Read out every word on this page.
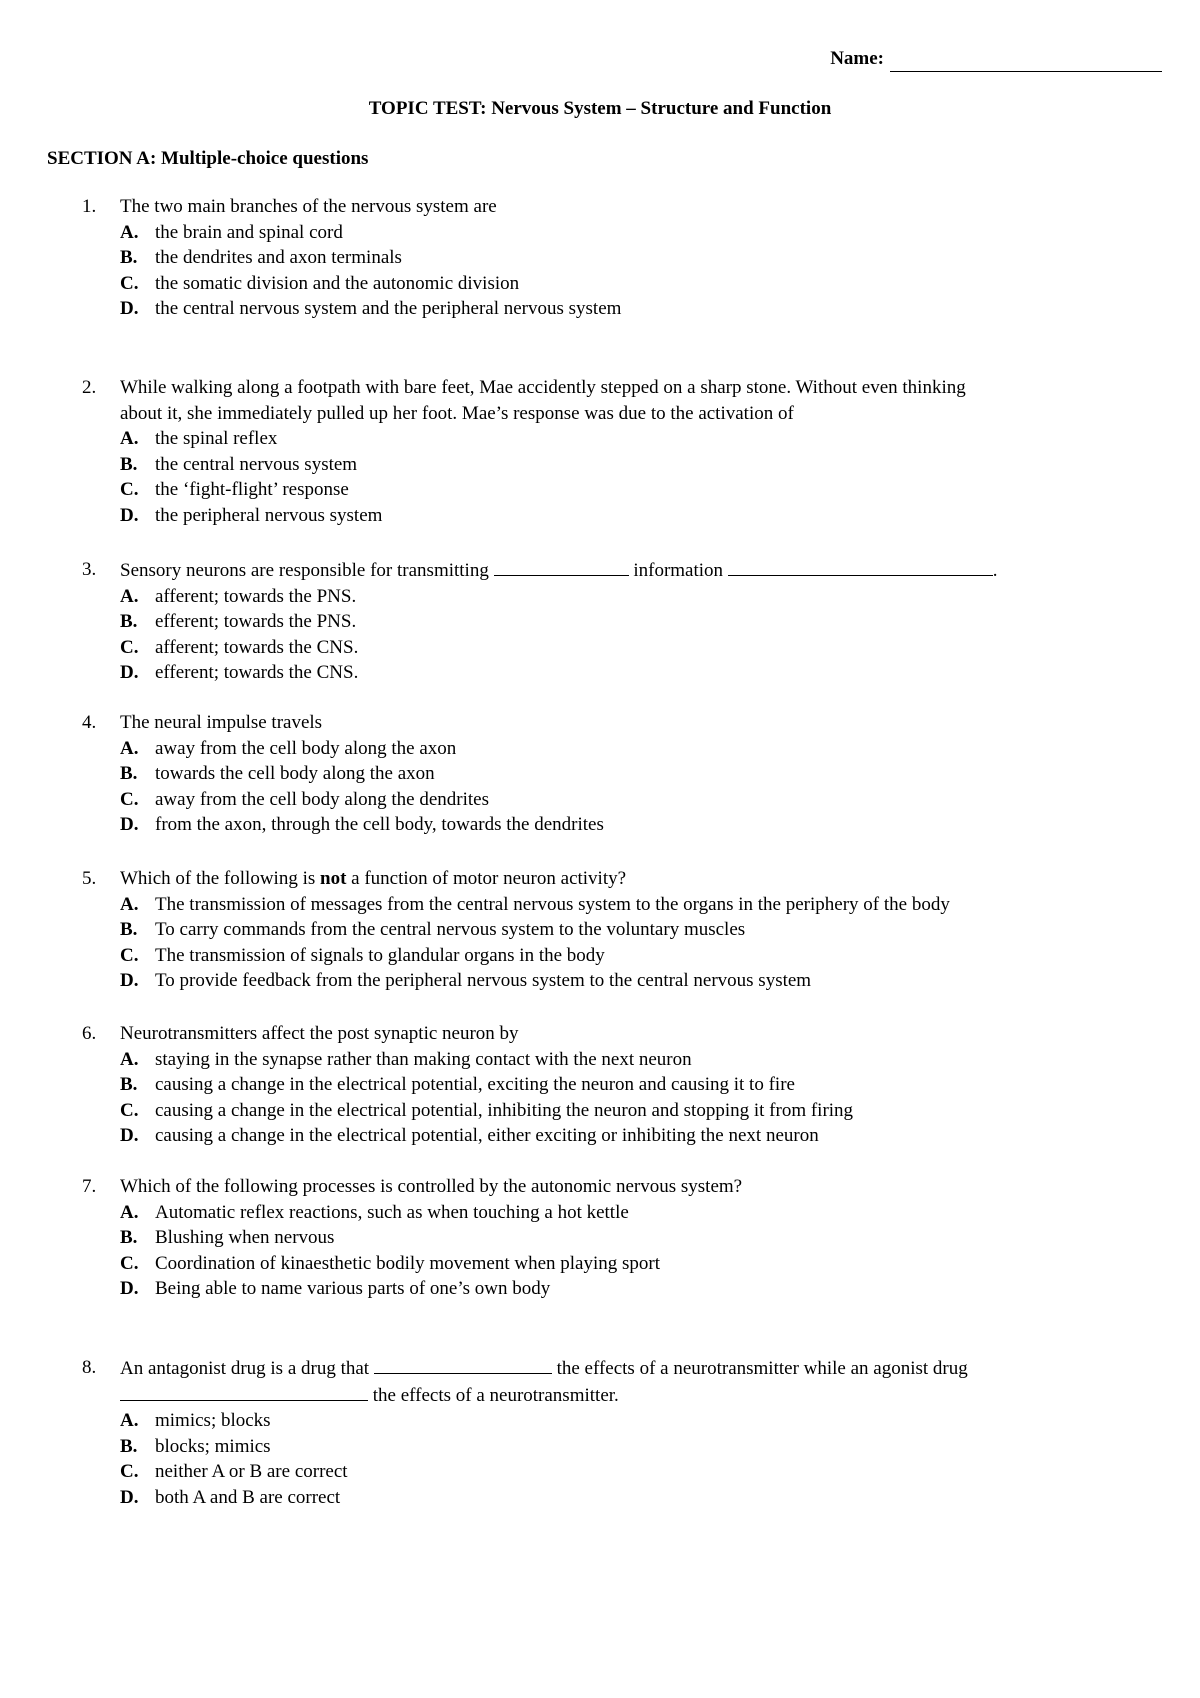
Name:
TOPIC TEST: Nervous System – Structure and Function
SECTION A: Multiple-choice questions
1.	The two main branches of the nervous system are
A. the brain and spinal cord
B. the dendrites and axon terminals
C. the somatic division and the autonomic division
D. the central nervous system and the peripheral nervous system
2.	While walking along a footpath with bare feet, Mae accidently stepped on a sharp stone. Without even thinking
about it, she immediately pulled up her foot. Mae’s response was due to the activation of
A. the spinal reflex
B. the central nervous system
C. the ‘fight-flight’ response
D. the peripheral nervous system
3.	Sensory neurons are responsible for transmitting	information	.
A. afferent; towards the PNS.
B. efferent; towards the PNS.
C. afferent; towards the CNS.
D. efferent; towards the CNS.
4.	The neural impulse travels
A. away from the cell body along the axon
B. towards the cell body along the axon
C. away from the cell body along the dendrites
D. from the axon, through the cell body, towards the dendrites
5.	Which of the following is not a function of motor neuron activity?
A. The transmission of messages from the central nervous system to the organs in the periphery of the body
B. To carry commands from the central nervous system to the voluntary muscles
C. The transmission of signals to glandular organs in the body
D. To provide feedback from the peripheral nervous system to the central nervous system
6.	Neurotransmitters affect the post synaptic neuron by
A. staying in the synapse rather than making contact with the next neuron
B. causing a change in the electrical potential, exciting the neuron and causing it to fire
C. causing a change in the electrical potential, inhibiting the neuron and stopping it from firing
D. causing a change in the electrical potential, either exciting or inhibiting the next neuron
7.	Which of the following processes is controlled by the autonomic nervous system?
A. Automatic reflex reactions, such as when touching a hot kettle
B. Blushing when nervous
C. Coordination of kinaesthetic bodily movement when playing sport
D. Being able to name various parts of one’s own body
8.	An antagonist drug is a drug that	the effects of a neurotransmitter while an agonist drug
the effects of a neurotransmitter.
A. mimics; blocks
B. blocks; mimics
C. neither A or B are correct
D. both A and B are correct
